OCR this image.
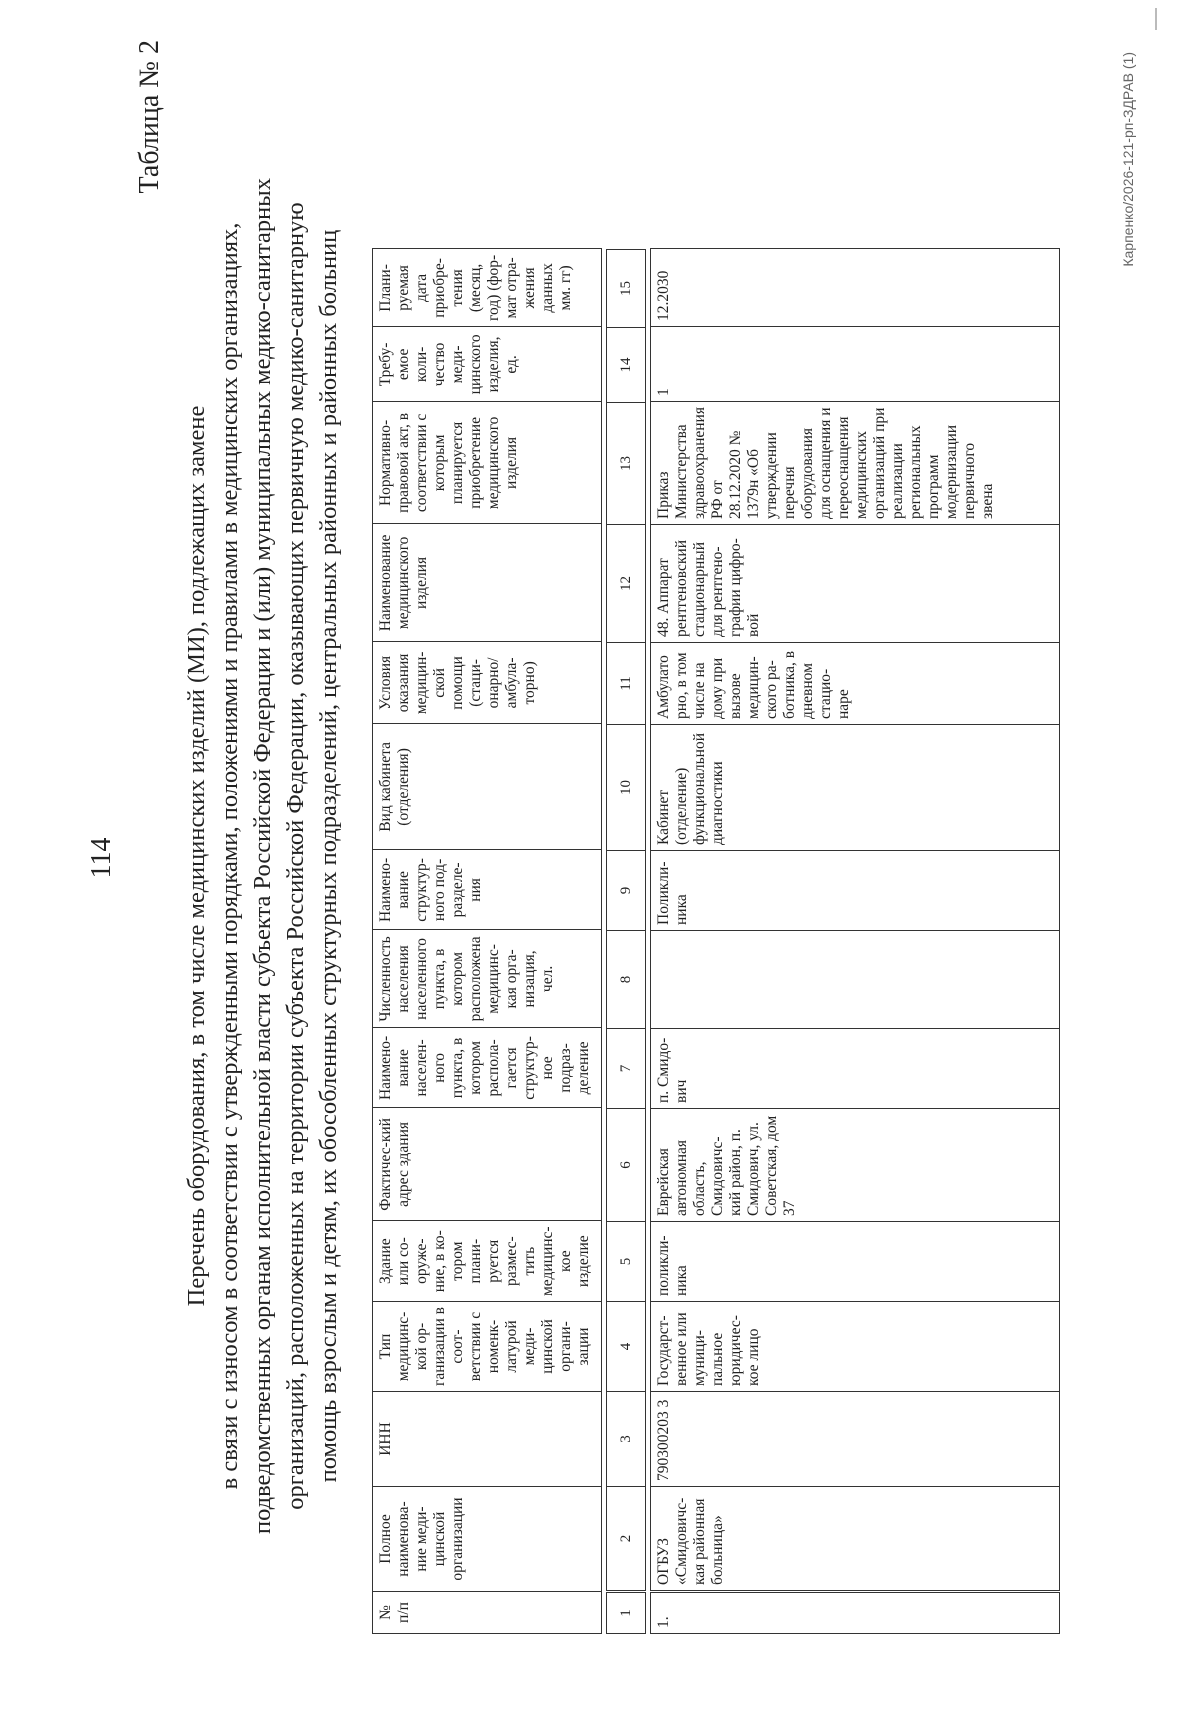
114
Таблица № 2
Перечень оборудования, в том числе медицинских изделий (МИ), подлежащих замене в связи с износом в соответствии с утвержденными порядками, положениями и правилами в медицинских организациях, подведомственных органам исполнительной власти субъекта Российской Федерации и (или) муниципальных медико-санитарных организаций, расположенных на территории субъекта Российской Федерации, оказывающих первичную медико-санитарную помощь взрослым и детям, их обособленных структурных подразделений, центральных районных и районных больниц
№ п/п	Полное наименова-ние меди-цинской организации	ИНН	Тип медицинс-кой ор-ганизации в соот-ветствии с номенк-латурой меди-цинской органи-зации	Здание или со-оруже-ние, в ко-тором плани-руется размес-тить медицинс-кое изделие	Фактичес-кий адрес здания	Наимено-вание населен-ного пункта, в котором распола-гается структур-ное подраз-деление	Численность населения населенного пункта, в котором расположена медицинс-кая орга-низация, чел.	Наимено-вание структур-ного под-разделе-ния	Вид кабинета (отделения)	Условия оказания медицин-ской помощи (стаци-онарно/ амбула-торно)	Наименование медицинского изделия	Нормативно-правовой акт, в соответствии с которым планируется приобретение медицинского изделия	Требу-емое коли-чество меди-цинского изделия, ед.	Плани-руемая дата приобре-тения (месяц, год) (фор-мат отра-жения данных мм. гг)
1	2	3	4	5	6	7	8	9	10	11	12	13	14	15
1.	ОГБУЗ «Смидовичс-кая районная больница»	790300203 3	Государст-венное или муници-пальное юридичес-кое лицо	поликли-ника	Еврейская автономная область, Смидовичс-кий район, п. Смидович, ул. Советская, дом 37	п. Смидо-вич		Поликли-ника	Кабинет (отделение) функциональной диагностики	Амбулато рно, в том числе на дому при вызове медицин-ского ра-ботника, в дневном стацио-наре	48. Аппарат рентгеновский стационарный для рентгено-графии цифро-вой	Приказ Министерства здравоохранения РФ от 28.12.2020 № 1379н «Об утверждении перечня оборудования для оснащения и переоснащения медицинских организаций при реализации региональных программ модернизации первичного звена	1	12.2030
Карпенко/2026-121-рп-ЗДРАВ (1)
